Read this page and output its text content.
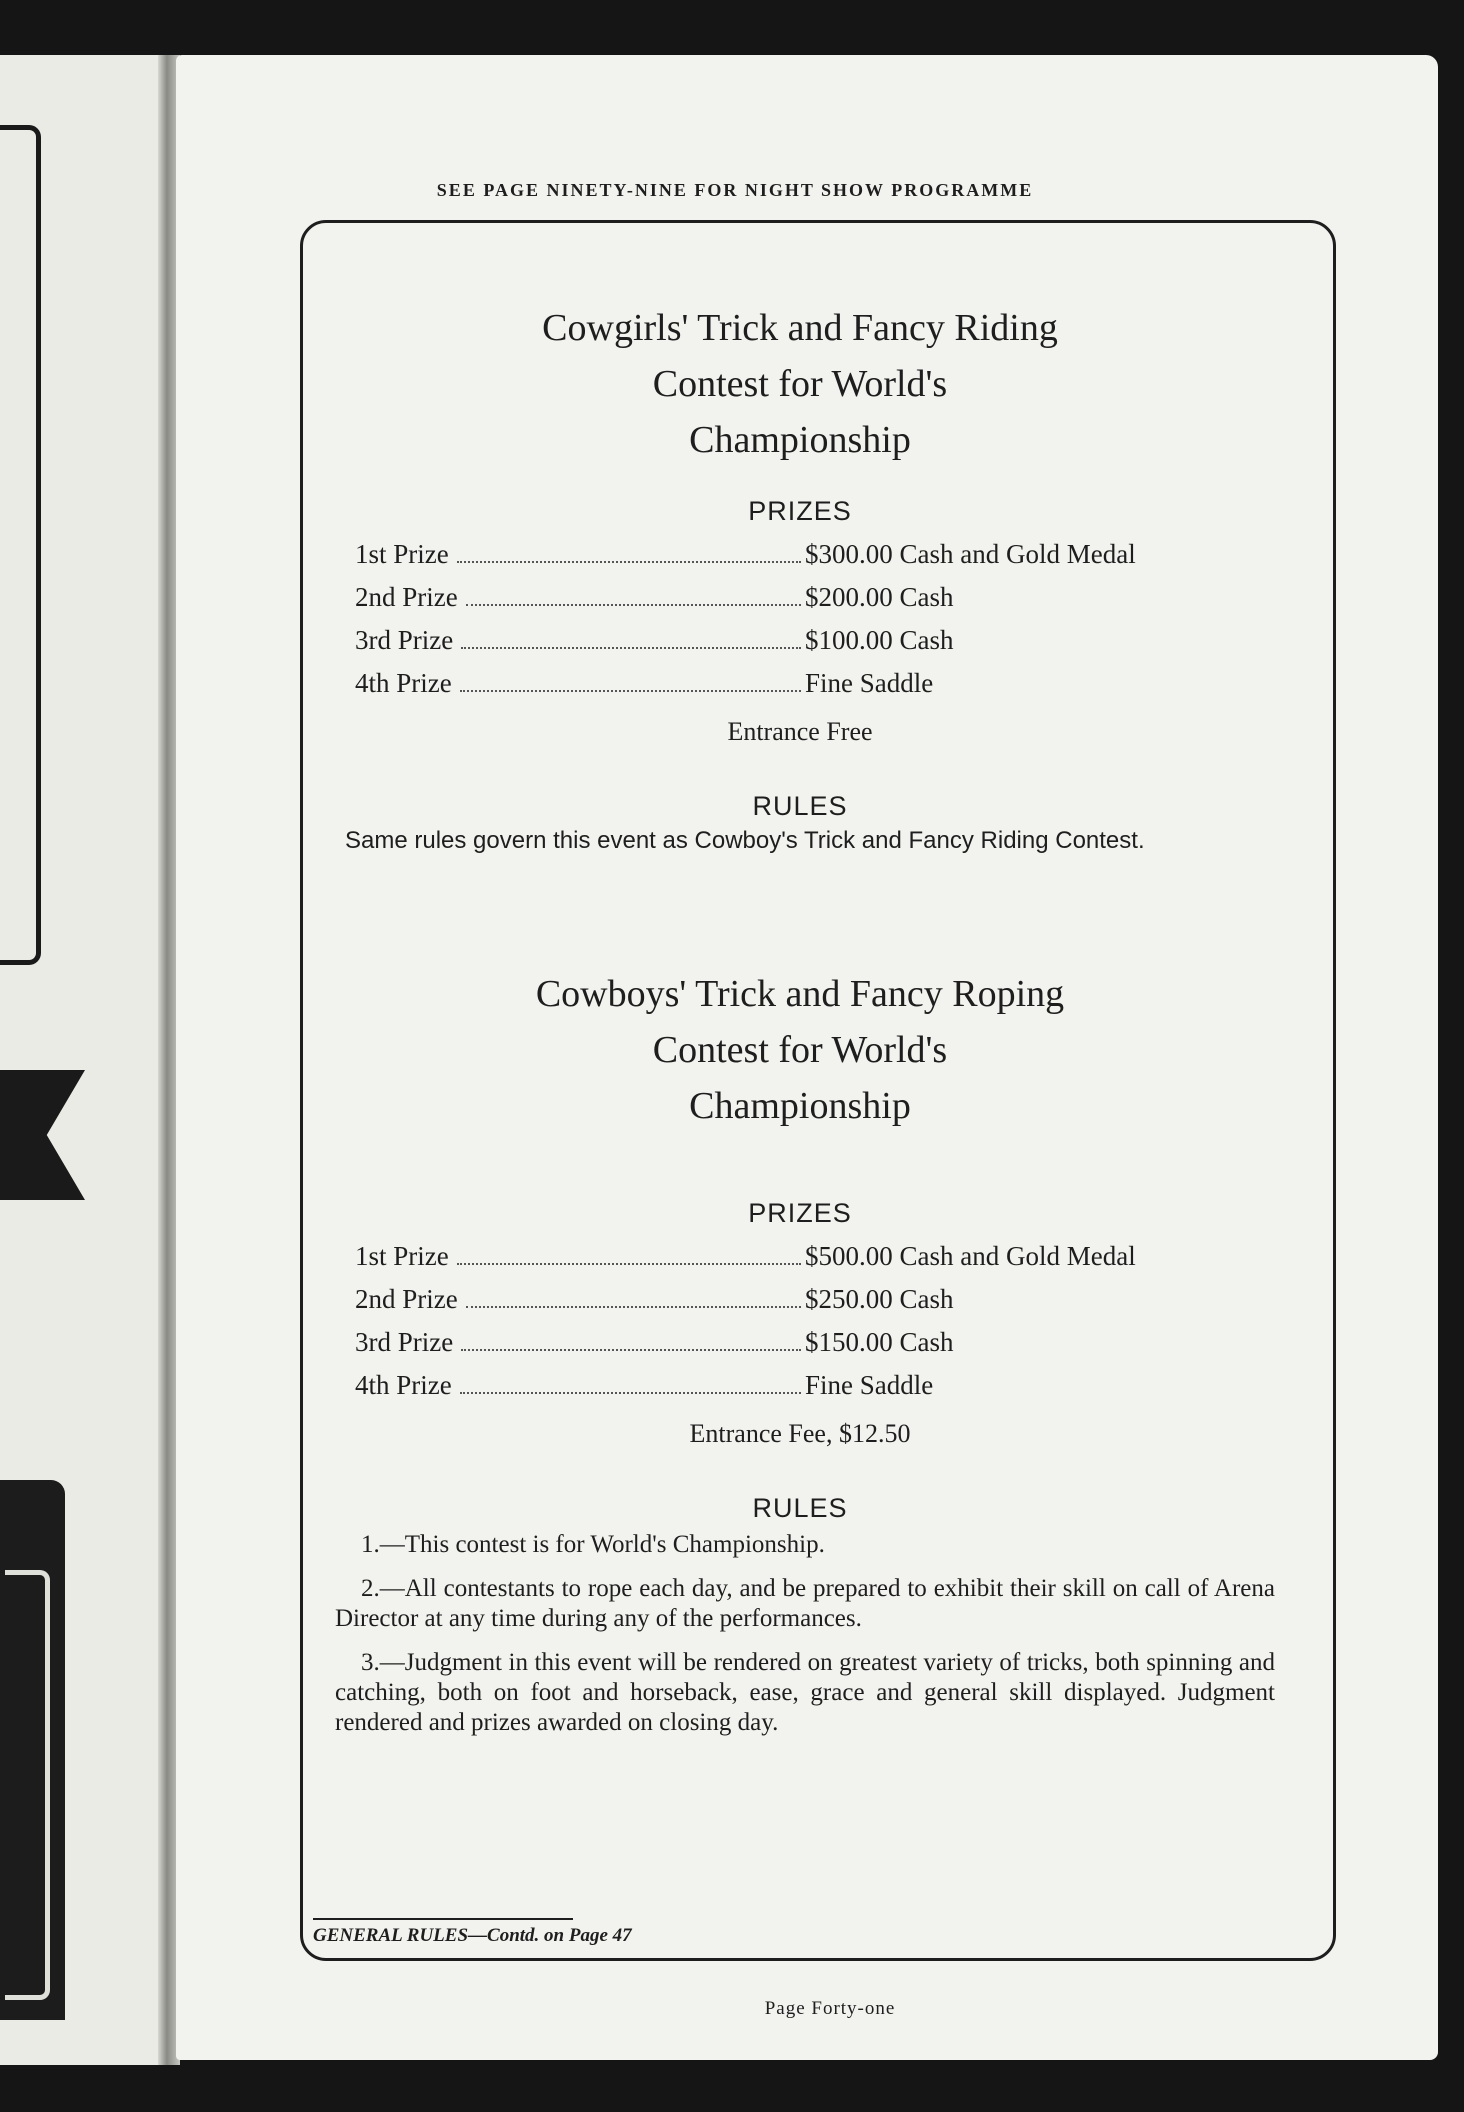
SEE PAGE NINETY-NINE FOR NIGHT SHOW PROGRAMME
Cowgirls' Trick and Fancy Riding
Contest for World's
Championship
PRIZES
1st Prize	$300.00 Cash and Gold Medal
2nd Prize	$200.00 Cash
3rd Prize	$100.00 Cash
4th Prize	Fine Saddle
Entrance Free
RULES
Same rules govern this event as Cowboy's Trick and Fancy Riding Contest.
Cowboys' Trick and Fancy Roping
Contest for World's
Championship
PRIZES
1st Prize	$500.00 Cash and Gold Medal
2nd Prize	$250.00 Cash
3rd Prize	$150.00 Cash
4th Prize	Fine Saddle
Entrance Fee, $12.50
RULES
1.—This contest is for World's Championship.
2.—All contestants to rope each day, and be prepared to exhibit their skill on call of Arena Director at any time during any of the performances.
3.—Judgment in this event will be rendered on greatest variety of tricks, both spinning and catching, both on foot and horseback, ease, grace and general skill displayed. Judgment rendered and prizes awarded on closing day.
GENERAL RULES—Contd. on Page 47
Page Forty-one
